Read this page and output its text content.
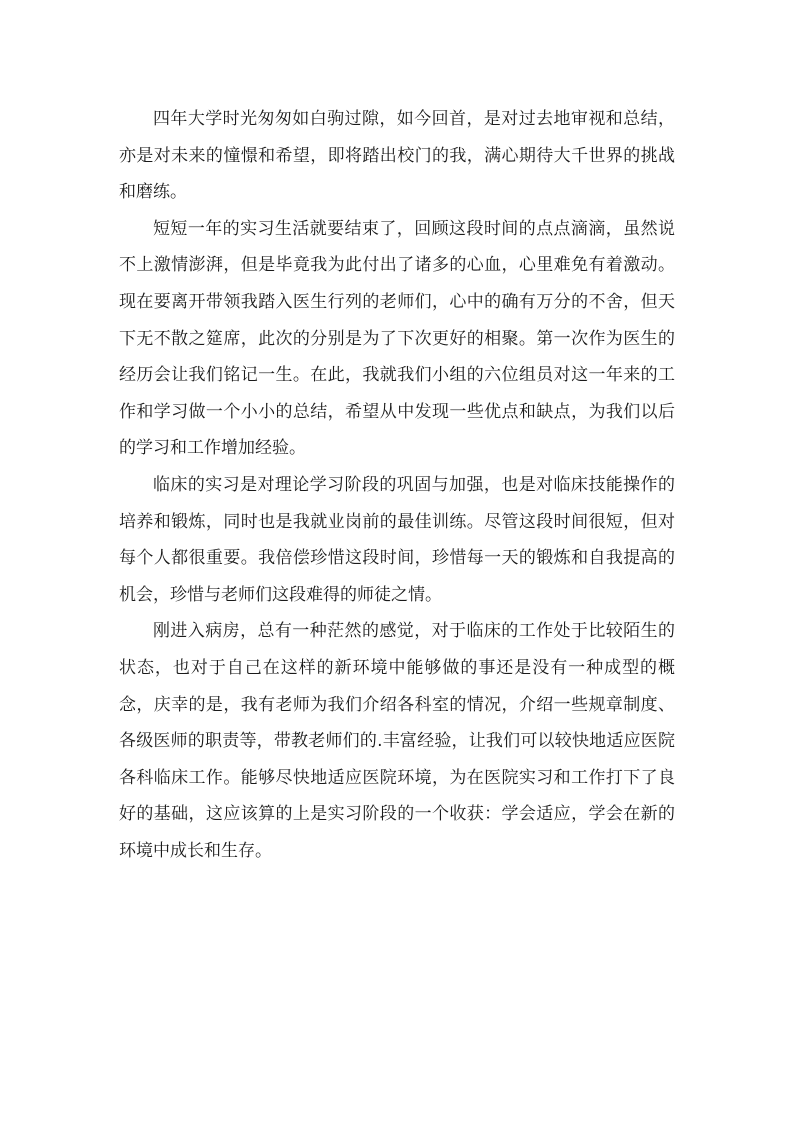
四年大学时光匆匆如白驹过隙，如今回首，是对过去地审视和总结，亦是对未来的憧憬和希望，即将踏出校门的我，满心期待大千世界的挑战和磨练。

短短一年的实习生活就要结束了，回顾这段时间的点点滴滴，虽然说不上激情澎湃，但是毕竟我为此付出了诸多的心血，心里难免有着激动。现在要离开带领我踏入医生行列的老师们，心中的确有万分的不舍，但天下无不散之筵席，此次的分别是为了下次更好的相聚。第一次作为医生的经历会让我们铭记一生。在此，我就我们小组的六位组员对这一年来的工作和学习做一个小小的总结，希望从中发现一些优点和缺点，为我们以后的学习和工作增加经验。

临床的实习是对理论学习阶段的巩固与加强，也是对临床技能操作的培养和锻炼，同时也是我就业岗前的最佳训练。尽管这段时间很短，但对每个人都很重要。我倍偿珍惜这段时间，珍惜每一天的锻炼和自我提高的机会，珍惜与老师们这段难得的师徒之情。

刚进入病房，总有一种茫然的感觉，对于临床的工作处于比较陌生的状态，也对于自己在这样的新环境中能够做的事还是没有一种成型的概念，庆幸的是，我有老师为我们介绍各科室的情况，介绍一些规章制度、各级医师的职责等，带教老师们的.丰富经验，让我们可以较快地适应医院各科临床工作。能够尽快地适应医院环境，为在医院实习和工作打下了良好的基础，这应该算的上是实习阶段的一个收获：学会适应，学会在新的环境中成长和生存。
